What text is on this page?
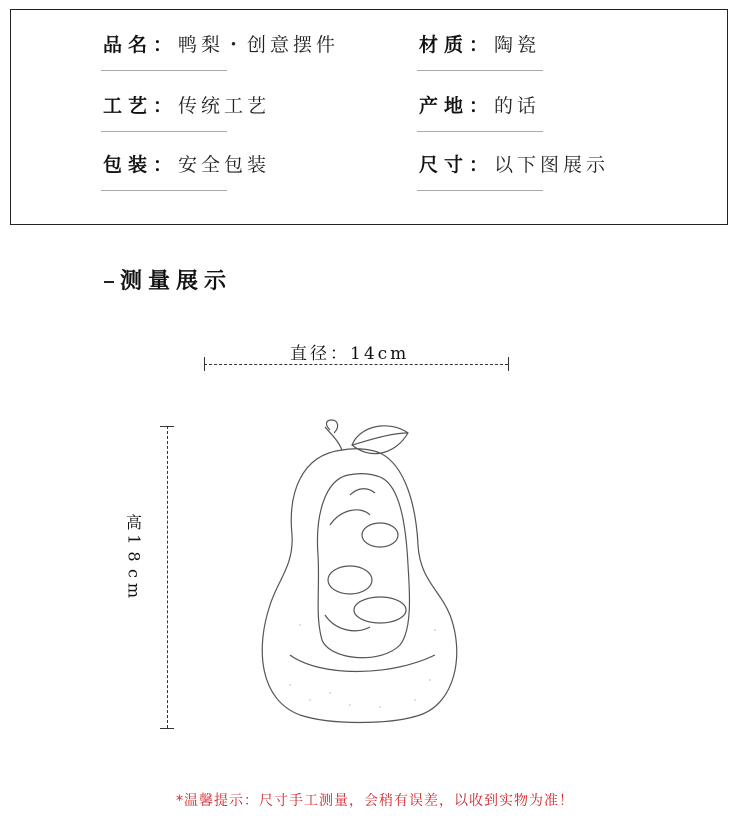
品名：鸭梨・创意摆件	材质：陶瓷
工艺：传统工艺	产地：的话
包装：安全包装	尺寸：以下图展示
测量展示
直径：14cm
高
1
8
c
m
*温馨提示：尺寸手工测量，会稍有误差，以收到实物为准！
